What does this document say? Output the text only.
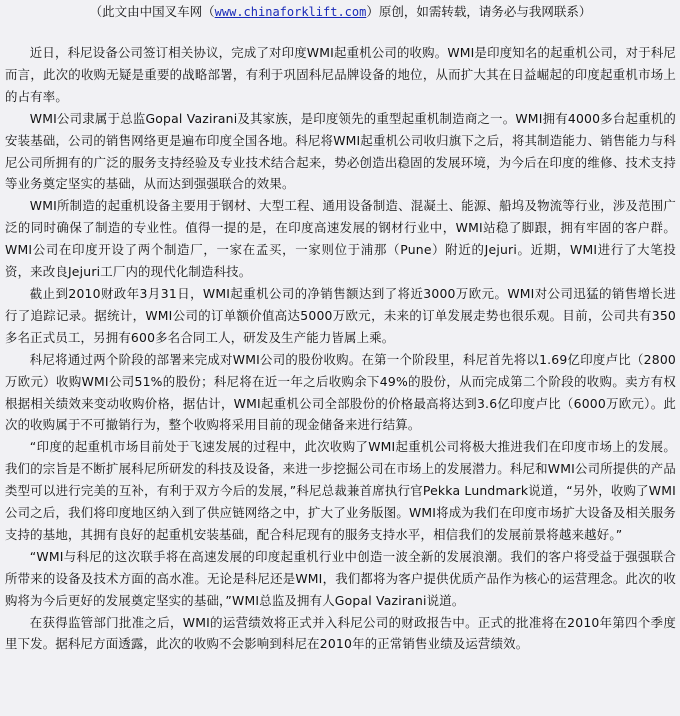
（此文由中国叉车网（www.chinaforklift.com）原创，如需转载，请务必与我网联系）

近日，科尼设备公司签订相关协议，完成了对印度WMI起重机公司的收购。WMI是印度知名的起重机公司，对于科尼而言，此次的收购无疑是重要的战略部署，有利于巩固科尼品牌设备的地位，从而扩大其在日益崛起的印度起重机市场上的占有率。

WMI公司隶属于总监Gopal Vazirani及其家族，是印度领先的重型起重机制造商之一。WMI拥有4000多台起重机的安装基础，公司的销售网络更是遍布印度全国各地。科尼将WMI起重机公司收归旗下之后，将其制造能力、销售能力与科尼公司所拥有的广泛的服务支持经验及专业技术结合起来，势必创造出稳固的发展环境，为今后在印度的维修、技术支持等业务奠定坚实的基础，从而达到强强联合的效果。

WMI所制造的起重机设备主要用于钢材、大型工程、通用设备制造、混凝土、能源、船坞及物流等行业，涉及范围广泛的同时确保了制造的专业性。值得一提的是，在印度高速发展的钢材行业中，WMI站稳了脚跟，拥有牢固的客户群。WMI公司在印度开设了两个制造厂，一家在孟买，一家则位于浦那（Pune）附近的Jejuri。近期，WMI进行了大笔投资，来改良Jejuri工厂内的现代化制造科技。

截止到2010财政年3月31日，WMI起重机公司的净销售额达到了将近3000万欧元。WMI对公司迅猛的销售增长进行了追踪记录。据统计，WMI公司的订单额价值高达5000万欧元，未来的订单发展走势也很乐观。目前，公司共有350多名正式员工，另拥有600多名合同工人，研发及生产能力皆属上乘。

科尼将通过两个阶段的部署来完成对WMI公司的股份收购。在第一个阶段里，科尼首先将以1.69亿印度卢比（2800万欧元）收购WMI公司51%的股份；科尼将在近一年之后收购余下49%的股份，从而完成第二个阶段的收购。卖方有权根据相关绩效来变动收购价格，据估计，WMI起重机公司全部股份的价格最高将达到3.6亿印度卢比（6000万欧元）。此次的收购属于不可撤销行为，整个收购将采用目前的现金储备来进行结算。

“印度的起重机市场目前处于飞速发展的过程中，此次收购了WMI起重机公司将极大推进我们在印度市场上的发展。我们的宗旨是不断扩展科尼所研发的科技及设备，来进一步挖掘公司在市场上的发展潜力。科尼和WMI公司所提供的产品类型可以进行完美的互补，有利于双方今后的发展，”科尼总裁兼首席执行官Pekka Lundmark说道，“另外，收购了WMI公司之后，我们将印度地区纳入到了供应链网络之中，扩大了业务版图。WMI将成为我们在印度市场扩大设备及相关服务支持的基地，其拥有良好的起重机安装基础，配合科尼现有的服务支持水平，相信我们的发展前景将越来越好。”

“WMI与科尼的这次联手将在高速发展的印度起重机行业中创造一波全新的发展浪潮。我们的客户将受益于强强联合所带来的设备及技术方面的高水准。无论是科尼还是WMI，我们都将为客户提供优质产品作为核心的运营理念。此次的收购将为今后更好的发展奠定坚实的基础，”WMI总监及拥有人Gopal Vazirani说道。

在获得监管部门批准之后，WMI的运营绩效将正式并入科尼公司的财政报告中。正式的批准将在2010年第四个季度里下发。据科尼方面透露，此次的收购不会影响到科尼在2010年的正常销售业绩及运营绩效。
